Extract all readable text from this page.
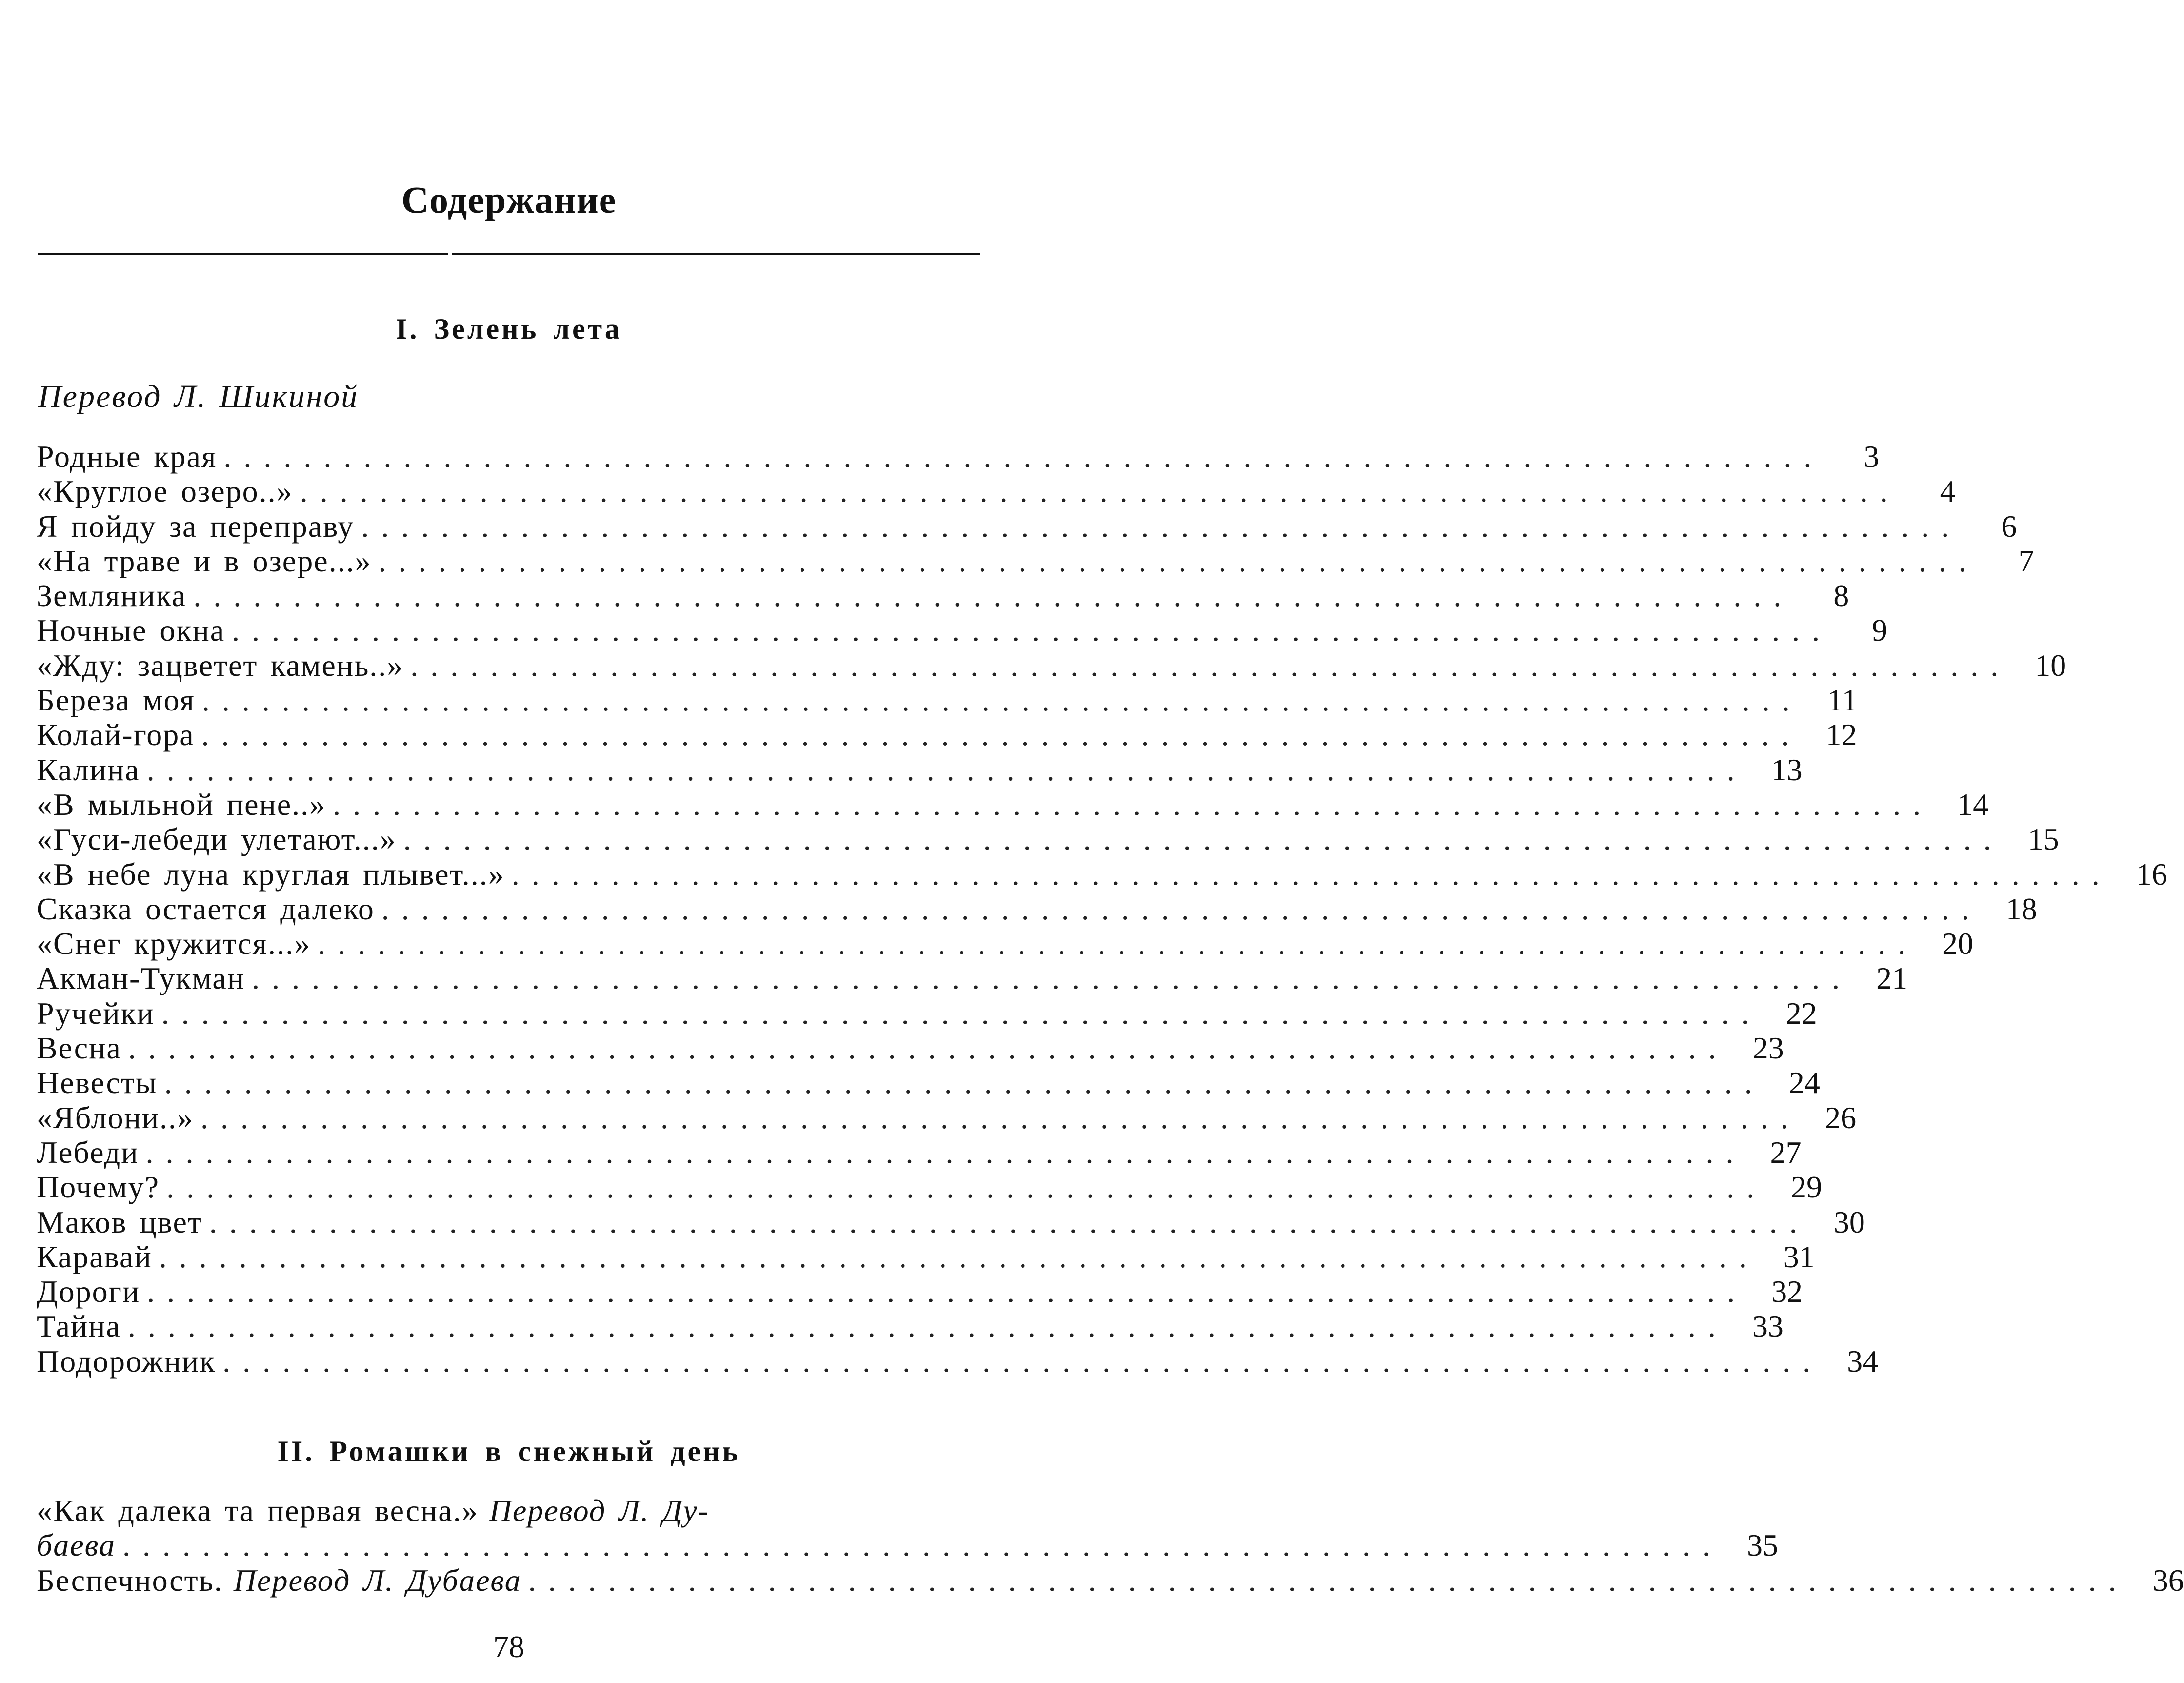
Содержание
I. Зелень лета
Перевод Л. Шикиной
Родные края ................................................................................	3
«Круглое озеро..» ................................................................................	4
Я пойду за переправу ................................................................................	6
«На траве и в озере...» ................................................................................	7
Земляника ................................................................................	8
Ночные окна ................................................................................	9
«Жду: зацветет камень..» ................................................................................ 10
Береза моя ................................................................................ 11
Колай-гора ................................................................................ 12
Калина ................................................................................ 13
«В мыльной пене..» ................................................................................ 14
«Гуси-лебеди улетают...» ................................................................................ 15
«В небе луна круглая плывет...» ................................................................................ 16
Сказка остается далеко ................................................................................ 18
«Снег кружится...» ................................................................................ 20
Акман-Тукман ................................................................................ 21
Ручейки ................................................................................ 22
Весна ................................................................................ 23
Невесты ................................................................................ 24
«Яблони..» ................................................................................ 26
Лебеди ................................................................................ 27
Почему? ................................................................................ 29
Маков цвет ................................................................................ 30
Каравай ................................................................................ 31
Дороги ................................................................................ 32
Тайна ................................................................................ 33
Подорожник ................................................................................ 34
II. Ромашки в снежный день
«Как далека та первая весна.» Перевод Л. Ду-
баева ................................................................................ 35
Беспечность. Перевод Л. Дубаева ................................................................................ 36
78
